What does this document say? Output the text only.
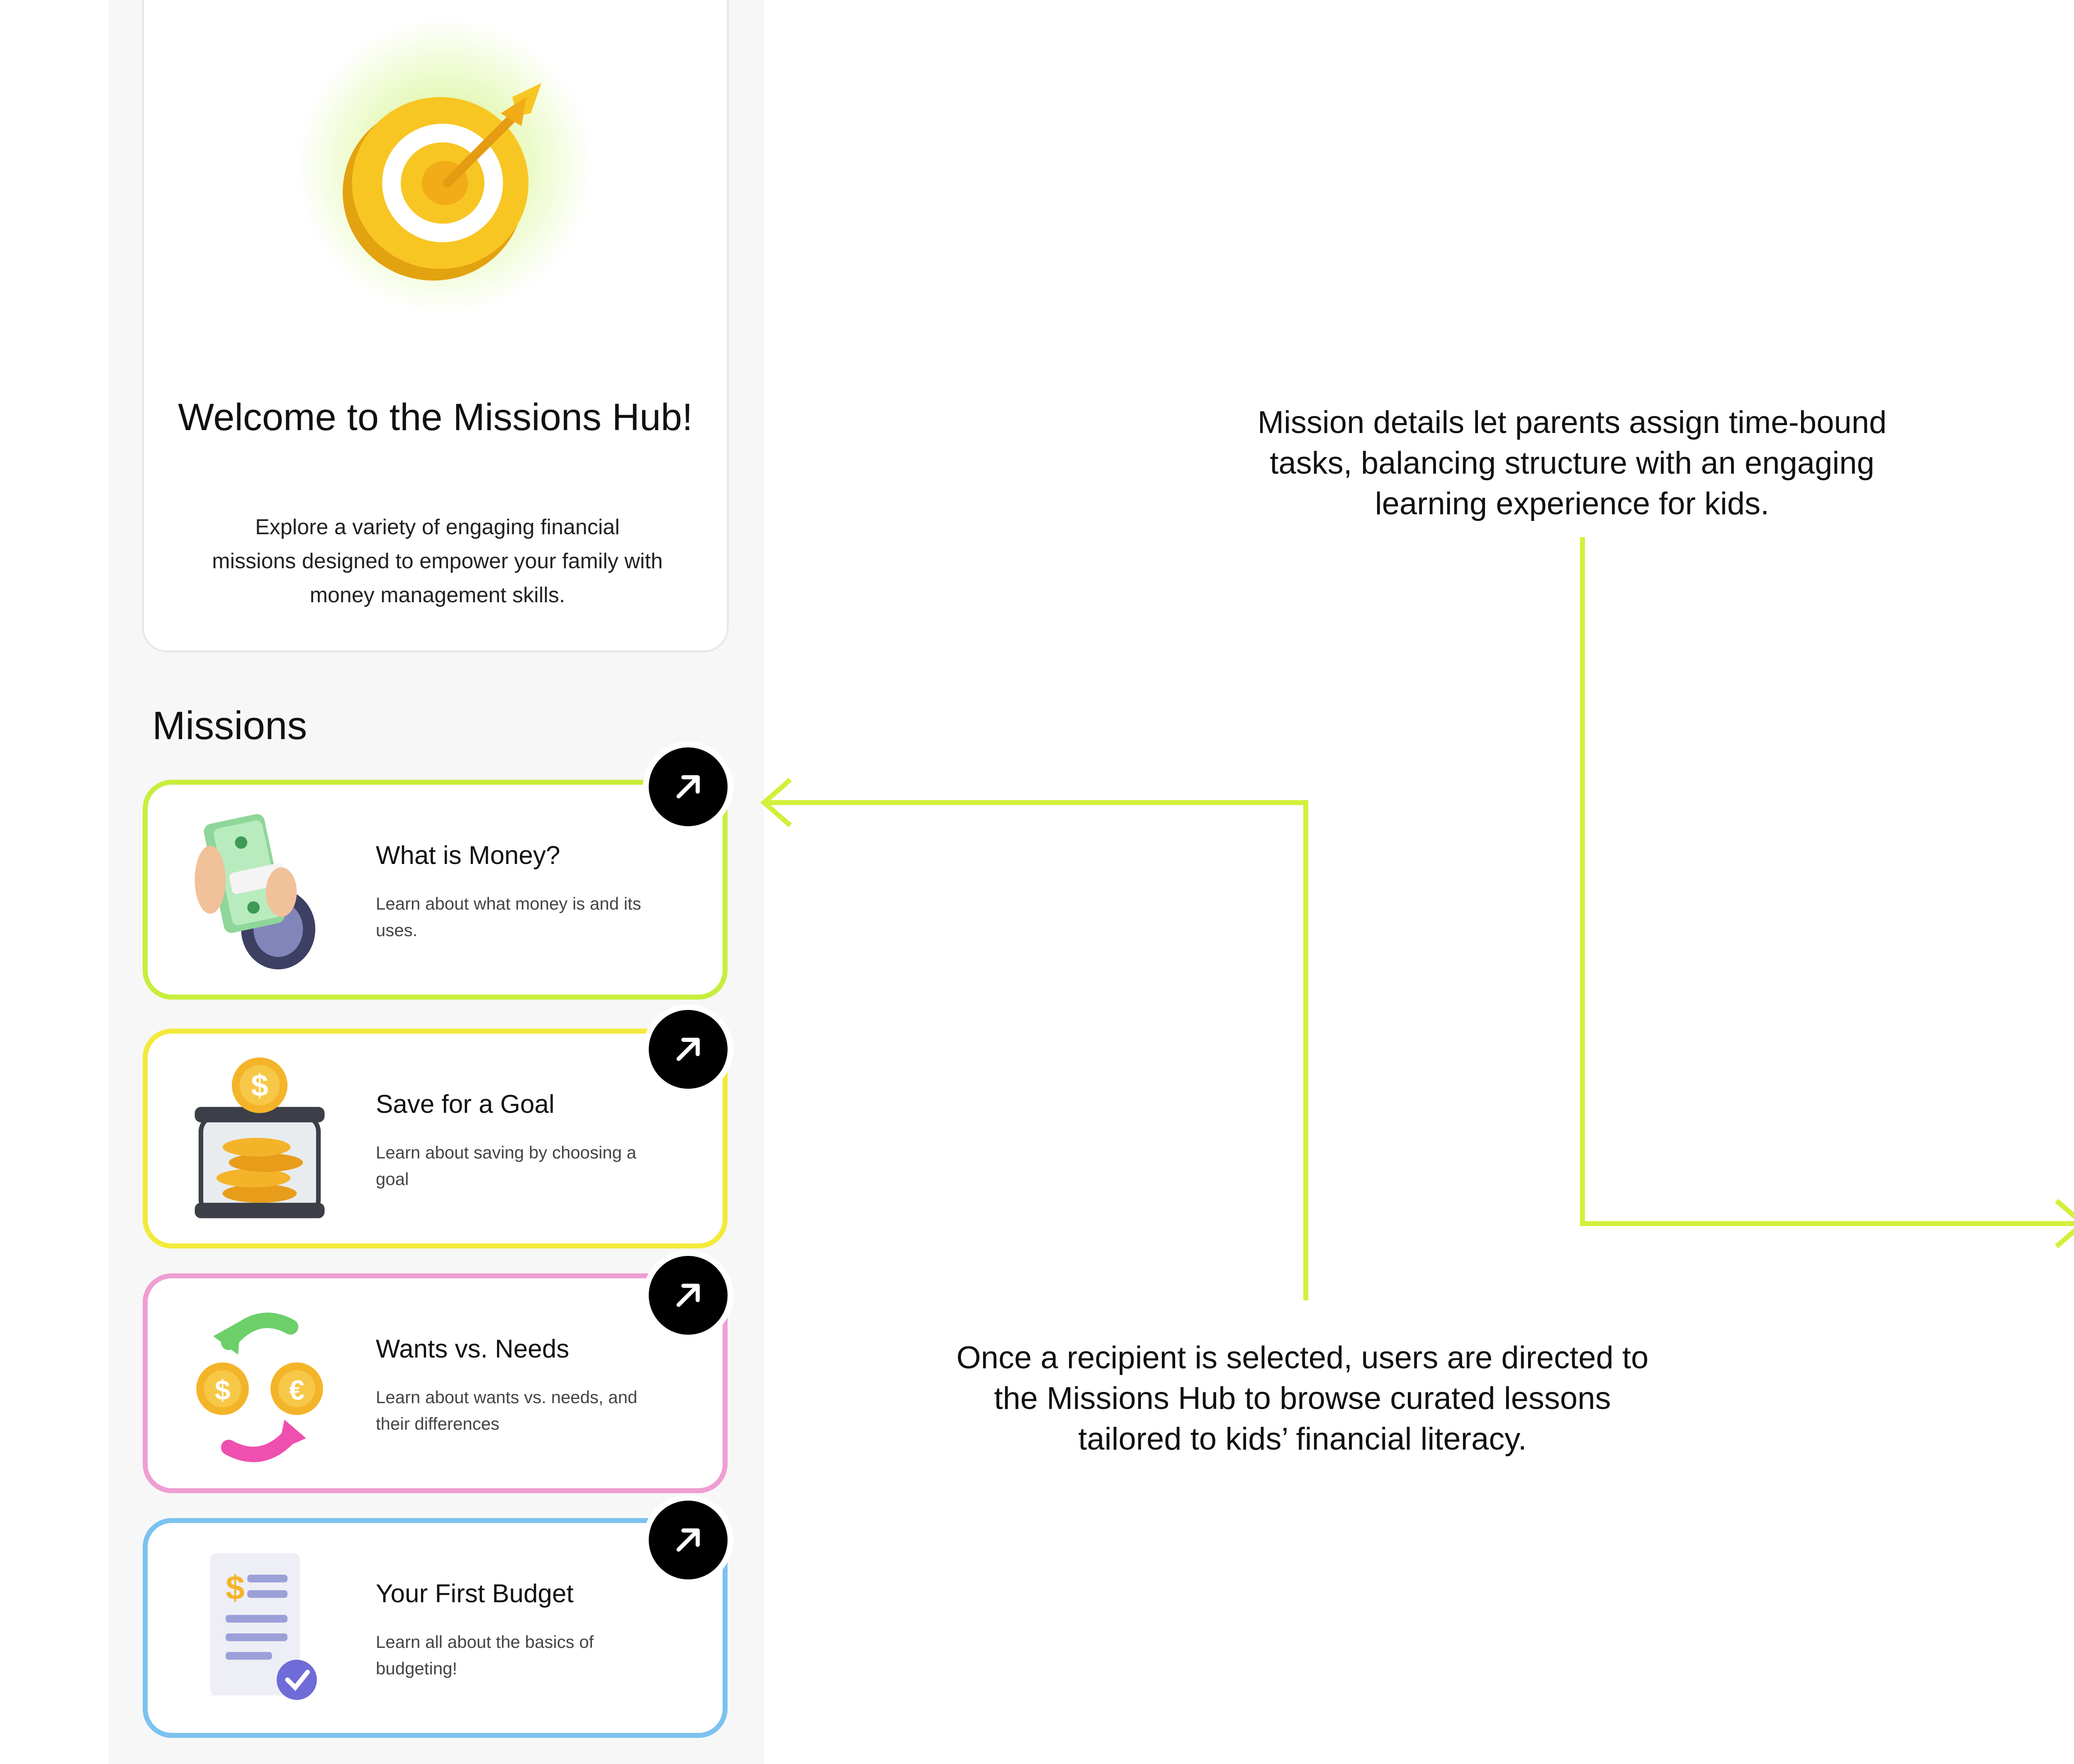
Welcome to the Missions Hub!
Explore a variety of engaging financial missions designed to empower your family with money management skills.
Missions
What is Money?
Learn about what money is and its uses.
$
Save for a Goal
Learn about saving by choosing a goal
$	€
Wants vs. Needs
Learn about wants vs. needs, and their differences
$	Your First Budget
Learn all about the basics of budgeting!
Mission details let parents assign time-bound tasks, balancing structure with an engaging learning experience for kids.
Once a recipient is selected, users are directed to the Missions Hub to browse curated lessons tailored to kids’ financial literacy.
